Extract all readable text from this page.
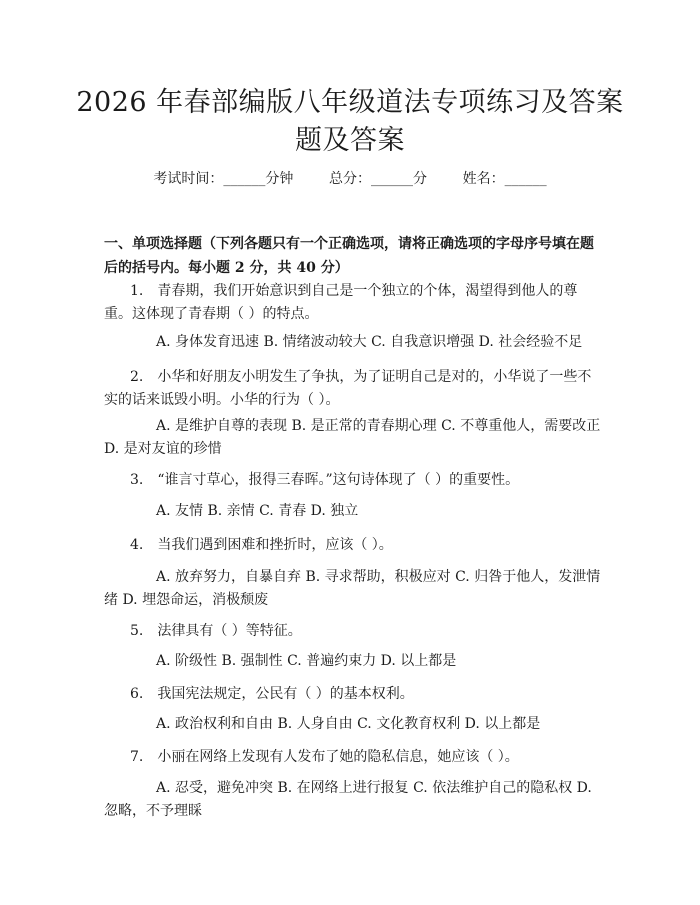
2026 年春部编版八年级道法专项练习及答案
题及答案
考试时间：______分钟	总分：______分	姓名：______
一、单项选择题（下列各题只有一个正确选项，请将正确选项的字母序号填在题后的括号内。每小题 2 分，共 40 分）
1.　青春期，我们开始意识到自己是一个独立的个体，渴望得到他人的尊重。这体现了青春期（ ）的特点。
A. 身体发育迅速 B. 情绪波动较大 C. 自我意识增强 D. 社会经验不足
2.　小华和好朋友小明发生了争执，为了证明自己是对的，小华说了一些不实的话来诋毁小明。小华的行为（ ）。
A. 是维护自尊的表现 B. 是正常的青春期心理 C. 不尊重他人，需要改正 D. 是对友谊的珍惜
3.　“谁言寸草心，报得三春晖。”这句诗体现了（ ）的重要性。
A. 友情 B. 亲情 C. 青春 D. 独立
4.　当我们遇到困难和挫折时，应该（ ）。
A. 放弃努力，自暴自弃 B. 寻求帮助，积极应对 C. 归咎于他人，发泄情绪 D. 埋怨命运，消极颓废
5.　法律具有（ ）等特征。
A. 阶级性 B. 强制性 C. 普遍约束力 D. 以上都是
6.　我国宪法规定，公民有（ ）的基本权利。
A. 政治权利和自由 B. 人身自由 C. 文化教育权利 D. 以上都是
7.　小丽在网络上发现有人发布了她的隐私信息，她应该（ ）。
A. 忍受，避免冲突 B. 在网络上进行报复 C. 依法维护自己的隐私权 D. 忽略，不予理睬
